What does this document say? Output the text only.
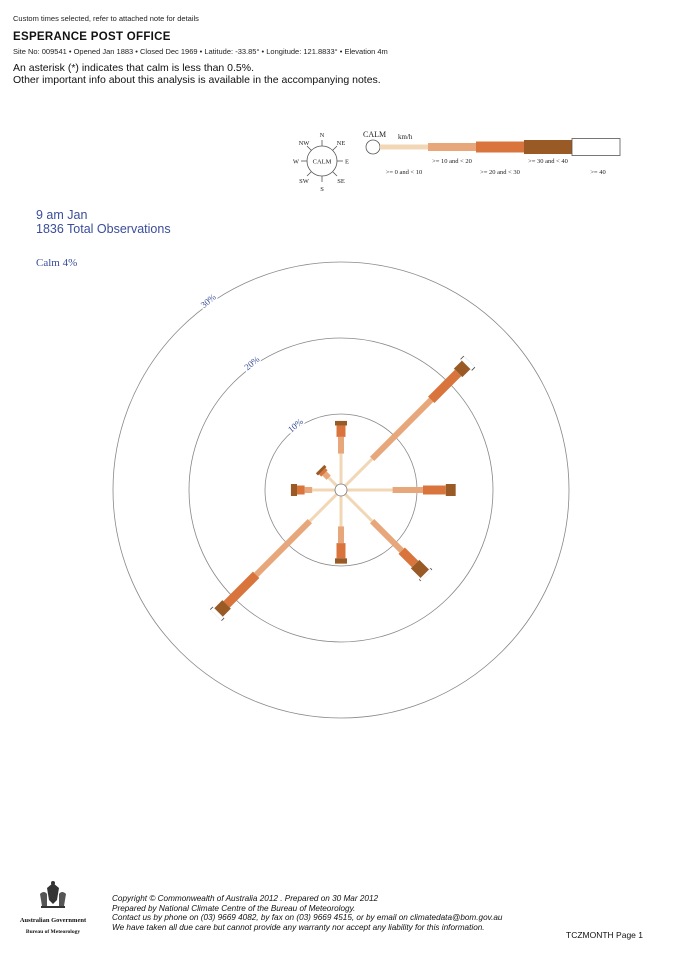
Custom times selected, refer to attached note for details
ESPERANCE POST OFFICE
Site No: 009541 • Opened Jan 1883 • Closed Dec 1969 • Latitude: -33.85° • Longitude: 121.8833° • Elevation 4m
An asterisk (*) indicates that calm is less than 0.5%.
Other important info about this analysis is available in the accompanying notes.
CALM
N
NE
E
SE
S
SW
W
NW
CALM km/h
>= 0 and < 10
>= 10 and < 20
>= 20 and < 30
>= 30 and < 40
>= 40
9 am Jan
1836 Total Observations
Calm 4%
10%
20%
30%
Australian Government
Bureau of Meteorology
Copyright © Commonwealth of Australia 2012 . Prepared on 30 Mar 2012
Prepared by National Climate Centre of the Bureau of Meteorology.
Contact us by phone on (03) 9669 4082, by fax on (03) 9669 4515, or by email on climatedata@bom.gov.au
We have taken all due care but cannot provide any warranty nor accept any liability for this information.
TCZMONTH Page 1
